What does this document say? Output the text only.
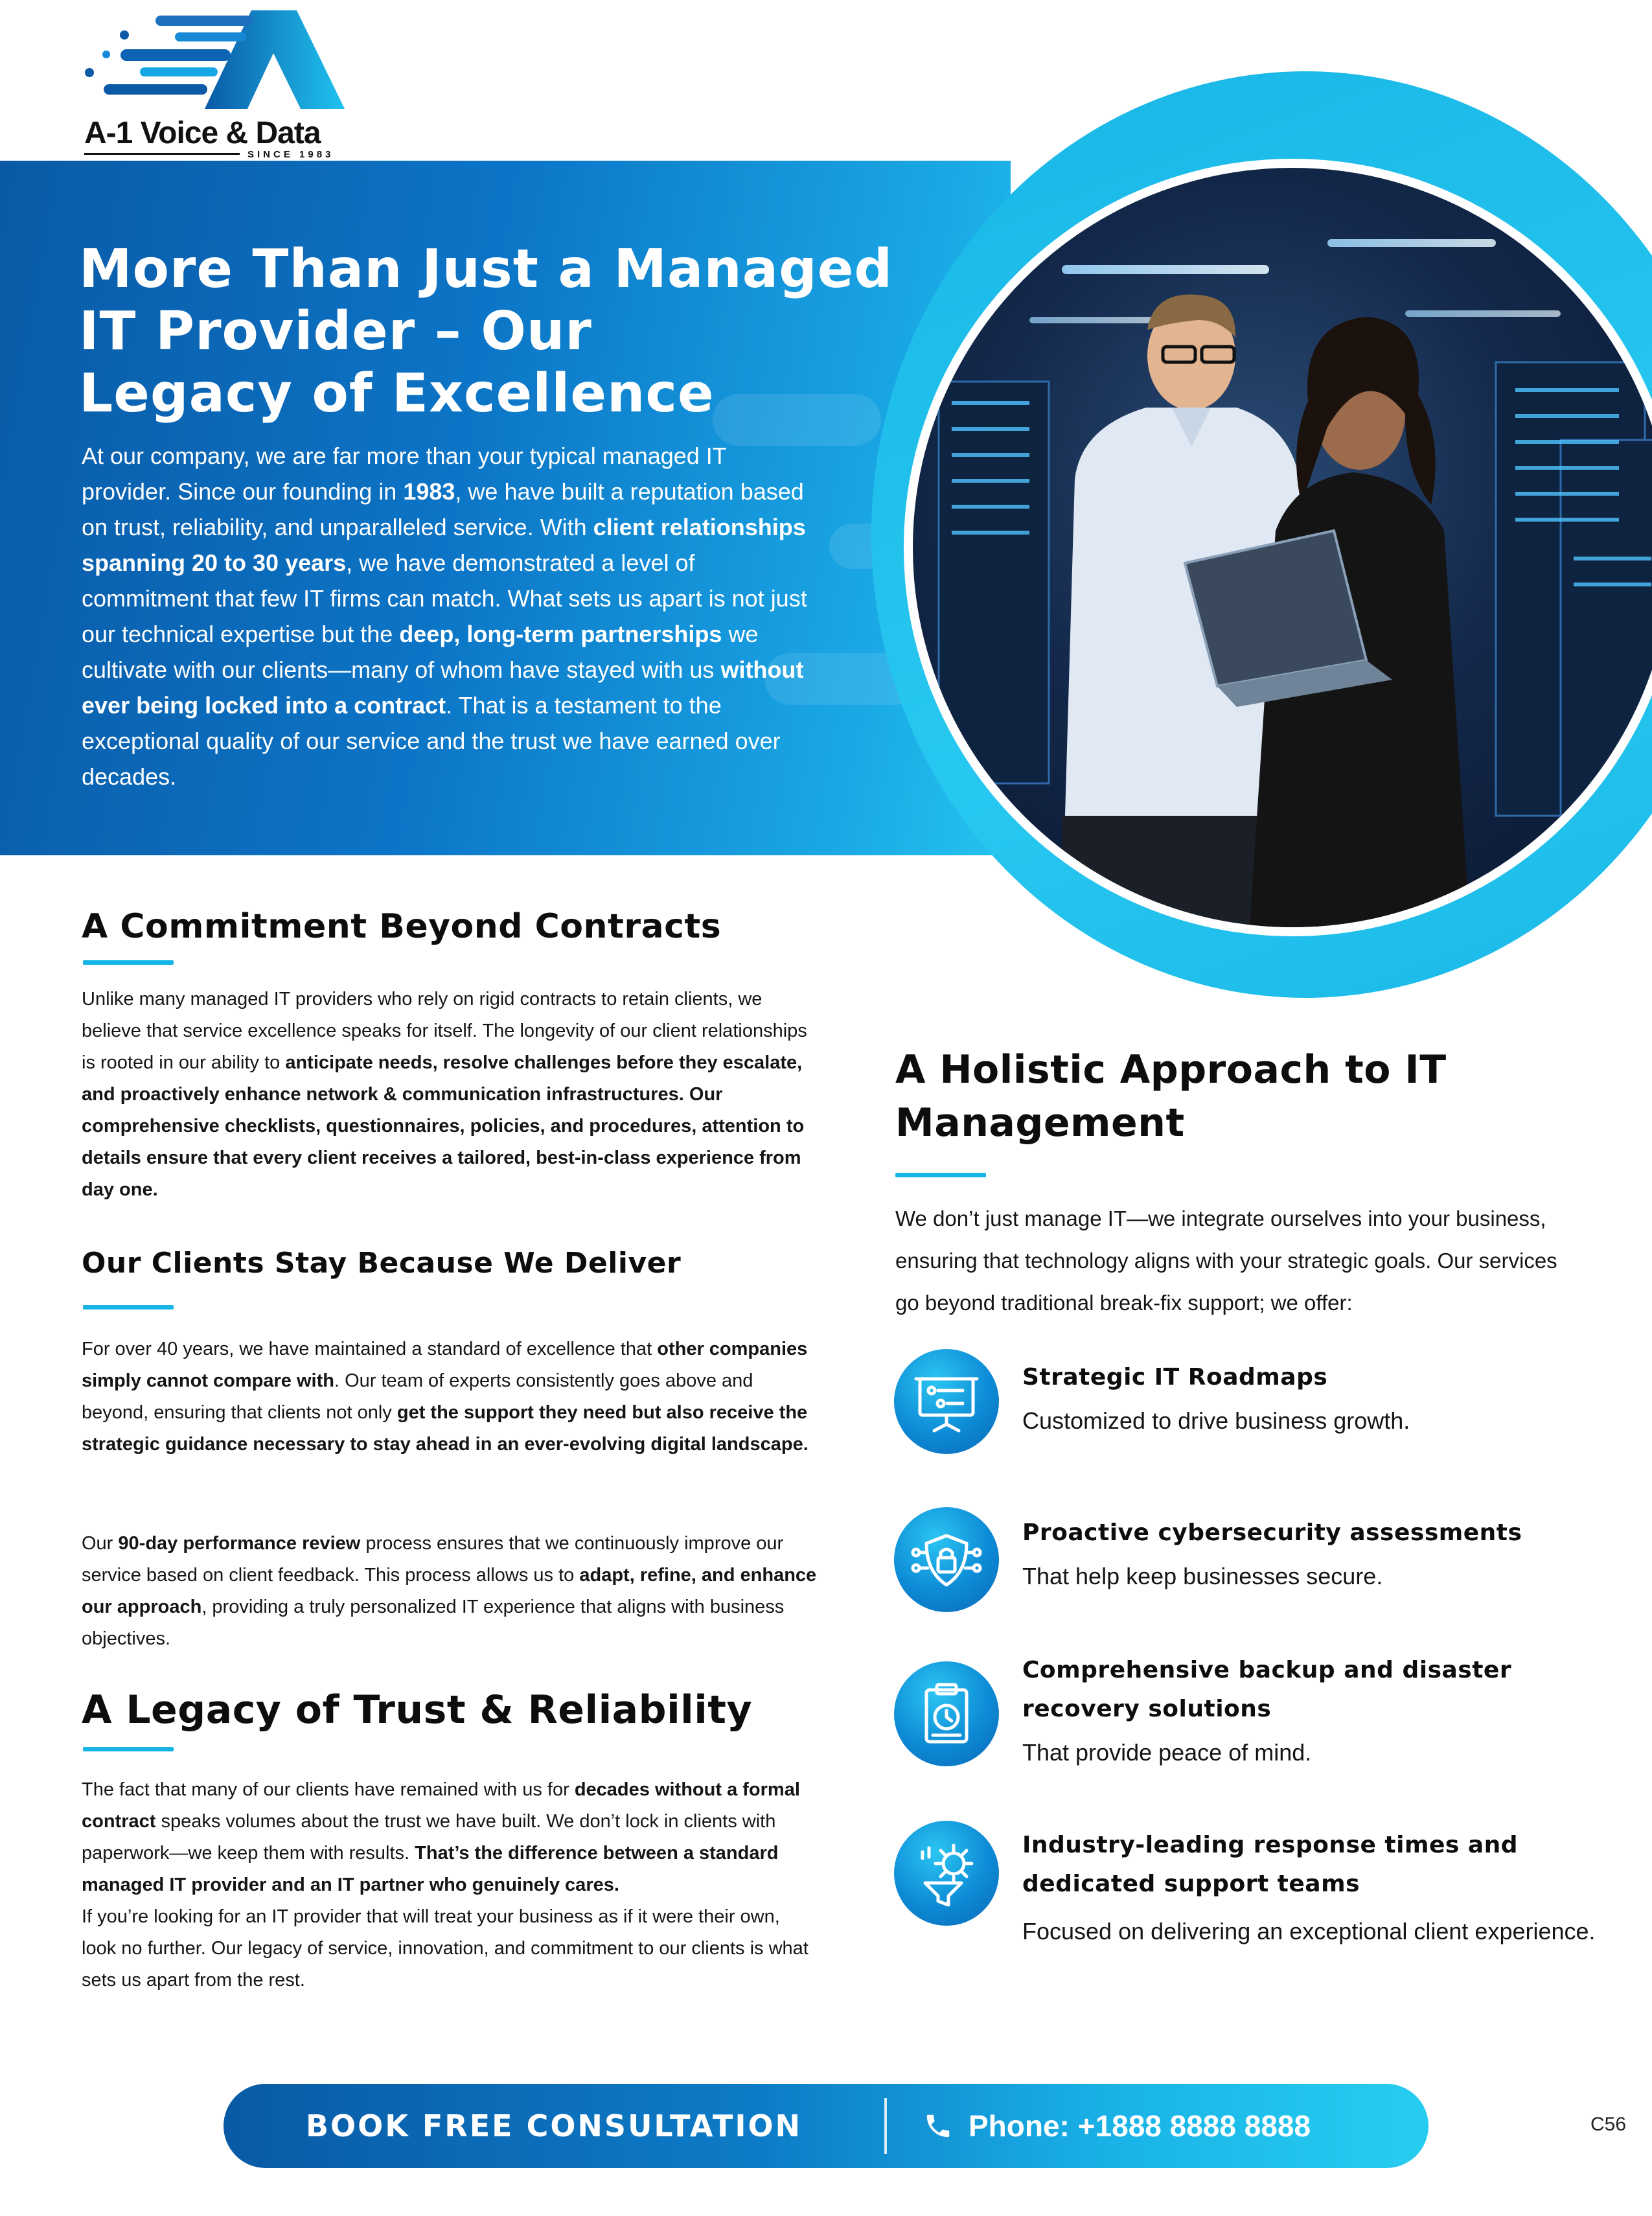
A-1 Voice & Data
SINCE 1983
More Than Just a Managed
IT Provider – Our
Legacy of Excellence
At our company, we are far more than your typical managed IT provider. Since our founding in 1983, we have built a reputation based on trust, reliability, and unparalleled service. With client relationships spanning 20 to 30 years, we have demonstrated a level of commitment that few IT firms can match. What sets us apart is not just our technical expertise but the deep, long-term partnerships we cultivate with our clients—many of whom have stayed with us without ever being locked into a contract. That is a testament to the exceptional quality of our service and the trust we have earned over decades.
A Commitment Beyond Contracts
Unlike many managed IT providers who rely on rigid contracts to retain clients, we believe that service excellence speaks for itself. The longevity of our client relationships is rooted in our ability to anticipate needs, resolve challenges before they escalate, and proactively enhance network & communication infrastructures. Our comprehensive checklists, questionnaires, policies, and procedures, attention to details ensure that every client receives a tailored, best-in-class experience from day one.
Our Clients Stay Because We Deliver
For over 40 years, we have maintained a standard of excellence that other companies simply cannot compare with. Our team of experts consistently goes above and beyond, ensuring that clients not only get the support they need but also receive the strategic guidance necessary to stay ahead in an ever-evolving digital landscape.
Our 90-day performance review process ensures that we continuously improve our service based on client feedback. This process allows us to adapt, refine, and enhance our approach, providing a truly personalized IT experience that aligns with business objectives.
A Legacy of Trust & Reliability
The fact that many of our clients have remained with us for decades without a formal contract speaks volumes about the trust we have built. We don’t lock in clients with paperwork—we keep them with results. That’s the difference between a standard managed IT provider and an IT partner who genuinely cares.
If you’re looking for an IT provider that will treat your business as if it were their own, look no further. Our legacy of service, innovation, and commitment to our clients is what sets us apart from the rest.
A Holistic Approach to IT
Management
We don’t just manage IT—we integrate ourselves into your business, ensuring that technology aligns with your strategic goals. Our services go beyond traditional break-fix support; we offer:
Strategic IT Roadmaps
Customized to drive business growth.
Proactive cybersecurity assessments
That help keep businesses secure.
Comprehensive backup and disaster recovery solutions
That provide peace of mind.
Industry-leading response times and dedicated support teams
Focused on delivering an exceptional client experience.
BOOK FREE CONSULTATION	Phone: +1888 8888 8888	C56
